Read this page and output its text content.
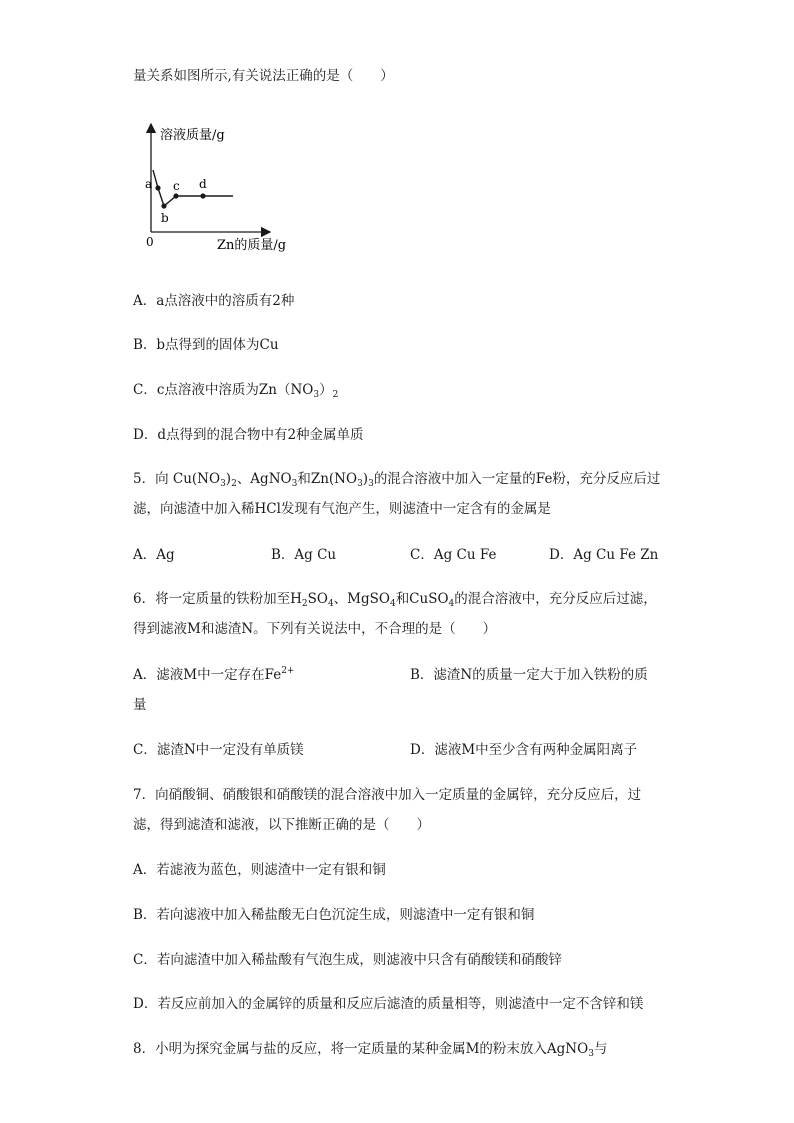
量关系如图所示,有关说法正确的是（　　）
溶液质量/g
Zn的质量/g
0
a
b
c d
A．a点溶液中的溶质有2种
B．b点得到的固体为Cu
C．c点溶液中溶质为$Zn(NO_3)_2$
D．d点得到的混合物中有2种金属单质
5．向 $Cu(NO_3)_2$、AgNO$_3$和$Zn(NO_3)_3$的混合溶液中加入一定量的Fe粉，充分反应后过
滤，向滤渣中加入稀HCl发现有气泡产生，则滤渣中一定含有的金属是
A．Ag	B．Ag Cu	C．Ag Cu Fe	D．Ag Cu Fe Zn
6．将一定质量的铁粉加至$H_2SO_4$、MgSO$_4$和CuSO$_4$的混合溶液中，充分反应后过滤，
得到滤液M和滤渣N。下列有关说法中，不合理的是（　　）
A．滤液M中一定存在$Fe^{2+}$	B．滤渣N的质量一定大于加入铁粉的质
量
C．滤渣N中一定没有单质镁	D．滤液M中至少含有两种金属阳离子
7．向硝酸铜、硝酸银和硝酸镁的混合溶液中加入一定质量的金属锌，充分反应后，过
滤，得到滤渣和滤液，以下推断正确的是（　　）
A．若滤液为蓝色，则滤渣中一定有银和铜
B．若向滤液中加入稀盐酸无白色沉淀生成，则滤渣中一定有银和铜
C．若向滤渣中加入稀盐酸有气泡生成，则滤液中只含有硝酸镁和硝酸锌
D．若反应前加入的金属锌的质量和反应后滤渣的质量相等，则滤渣中一定不含锌和镁
8．小明为探究金属与盐的反应，将一定质量的某种金属M的粉末放入AgNO$_3$与
